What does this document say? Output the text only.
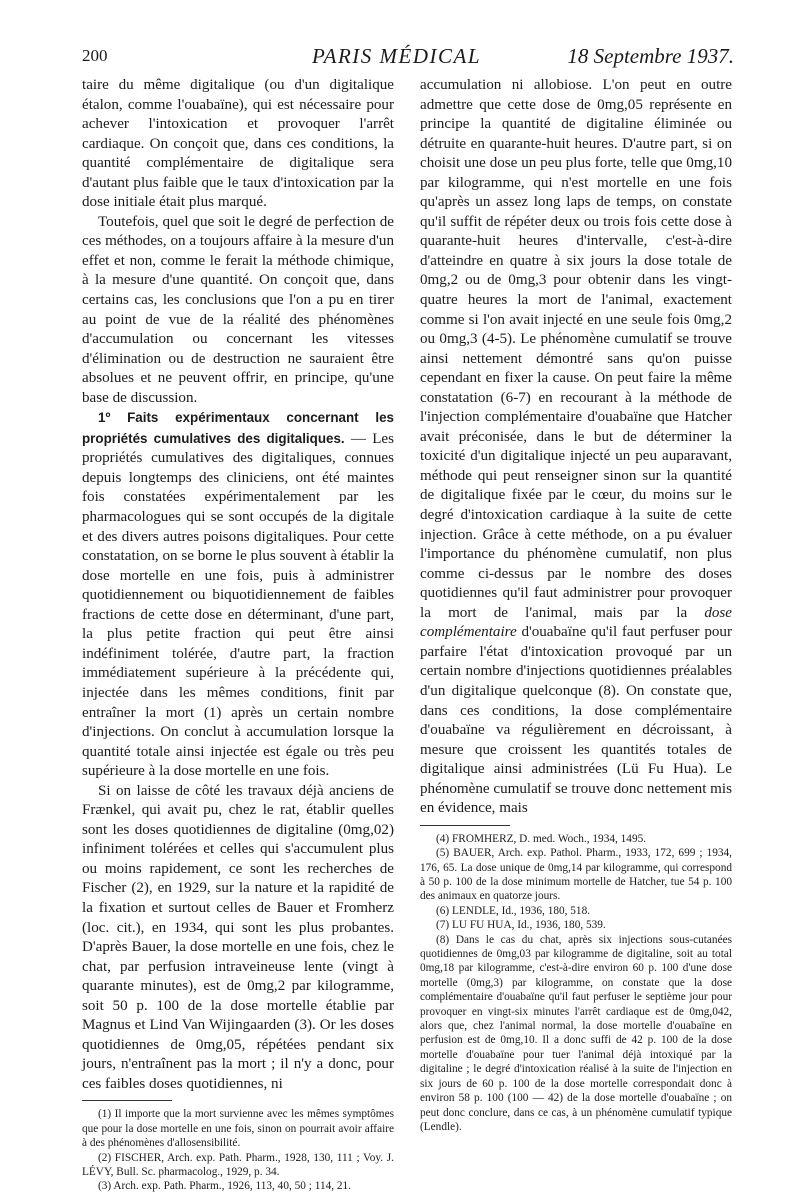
200	PARIS MÉDICAL	18 Septembre 1937.

taire du même digitalique (ou d'un digitalique étalon, comme l'ouabaïne), qui est nécessaire pour achever l'intoxication et provoquer l'arrêt cardiaque. On conçoit que, dans ces conditions, la quantité complémentaire de digitalique sera d'autant plus faible que le taux d'intoxication par la dose initiale était plus marqué.

Toutefois, quel que soit le degré de perfection de ces méthodes, on a toujours affaire à la mesure d'un effet et non, comme le ferait la méthode chimique, à la mesure d'une quantité. On conçoit que, dans certains cas, les conclusions que l'on a pu en tirer au point de vue de la réalité des phénomènes d'accumulation ou concernant les vitesses d'élimination ou de destruction ne sauraient être absolues et ne peuvent offrir, en principe, qu'une base de discussion.

1º Faits expérimentaux concernant les propriétés cumulatives des digitaliques. — Les propriétés cumulatives des digitaliques, connues depuis longtemps des cliniciens, ont été maintes fois constatées expérimentalement par les pharmacologues qui se sont occupés de la digitale et des divers autres poisons digitaliques. Pour cette constatation, on se borne le plus souvent à établir la dose mortelle en une fois, puis à administrer quotidiennement ou biquotidiennement de faibles fractions de cette dose en déterminant, d'une part, la plus petite fraction qui peut être ainsi indéfiniment tolérée, d'autre part, la fraction immédiatement supérieure à la précédente qui, injectée dans les mêmes conditions, finit par entraîner la mort (1) après un certain nombre d'injections. On conclut à accumulation lorsque la quantité totale ainsi injectée est égale ou très peu supérieure à la dose mortelle en une fois.

Si on laisse de côté les travaux déjà anciens de Frænkel, qui avait pu, chez le rat, établir quelles sont les doses quotidiennes de digitaline (0mg,02) infiniment tolérées et celles qui s'accumulent plus ou moins rapidement, ce sont les recherches de Fischer (2), en 1929, sur la nature et la rapidité de la fixation et surtout celles de Bauer et Fromherz (loc. cit.), en 1934, qui sont les plus probantes. D'après Bauer, la dose mortelle en une fois, chez le chat, par perfusion intraveineuse lente (vingt à quarante minutes), est de 0mg,2 par kilogramme, soit 50 p. 100 de la dose mortelle établie par Magnus et Lind Van Wijingaarden (3). Or les doses quotidiennes de 0mg,05, répétées pendant six jours, n'entraînent pas la mort ; il n'y a donc, pour ces faibles doses quotidiennes, ni

(1) Il importe que la mort survienne avec les mêmes symptômes que pour la dose mortelle en une fois, sinon on pourrait avoir affaire à des phénomènes d'allosensibilité.

(2) FISCHER, Arch. exp. Path. Pharm., 1928, 130, 111 ; Voy. J. LÉVY, Bull. Sc. pharmacolog., 1929, p. 34.

(3) Arch. exp. Path. Pharm., 1926, 113, 40, 50 ; 114, 21.

accumulation ni allobiose. L'on peut en outre admettre que cette dose de 0mg,05 représente en principe la quantité de digitaline éliminée ou détruite en quarante-huit heures. D'autre part, si on choisit une dose un peu plus forte, telle que 0mg,10 par kilogramme, qui n'est mortelle en une fois qu'après un assez long laps de temps, on constate qu'il suffit de répéter deux ou trois fois cette dose à quarante-huit heures d'intervalle, c'est-à-dire d'atteindre en quatre à six jours la dose totale de 0mg,2 ou de 0mg,3 pour obtenir dans les vingt-quatre heures la mort de l'animal, exactement comme si l'on avait injecté en une seule fois 0mg,2 ou 0mg,3 (4-5). Le phénomène cumulatif se trouve ainsi nettement démontré sans qu'on puisse cependant en fixer la cause. On peut faire la même constatation (6-7) en recourant à la méthode de l'injection complémentaire d'ouabaïne que Hatcher avait préconisée, dans le but de déterminer la toxicité d'un digitalique injecté un peu auparavant, méthode qui peut renseigner sinon sur la quantité de digitalique fixée par le cœur, du moins sur le degré d'intoxication cardiaque à la suite de cette injection. Grâce à cette méthode, on a pu évaluer l'importance du phénomène cumulatif, non plus comme ci-dessus par le nombre des doses quotidiennes qu'il faut administrer pour provoquer la mort de l'animal, mais par la dose complémentaire d'ouabaïne qu'il faut perfuser pour parfaire l'état d'intoxication provoqué par un certain nombre d'injections quotidiennes préalables d'un digitalique quelconque (8). On constate que, dans ces conditions, la dose complémentaire d'ouabaïne va régulièrement en décroissant, à mesure que croissent les quantités totales de digitalique ainsi administrées (Lü Fu Hua). Le phénomène cumulatif se trouve donc nettement mis en évidence, mais

(4) FROMHERZ, D. med. Woch., 1934, 1495.

(5) BAUER, Arch. exp. Pathol. Pharm., 1933, 172, 699 ; 1934, 176, 65. La dose unique de 0mg,14 par kilogramme, qui correspond à 50 p. 100 de la dose minimum mortelle de Hatcher, tue 54 p. 100 des animaux en quatorze jours.

(6) LENDLE, Id., 1936, 180, 518.

(7) LU FU HUA, Id., 1936, 180, 539.

(8) Dans le cas du chat, après six injections sous-cutanées quotidiennes de 0mg,03 par kilogramme de digitaline, soit au total 0mg,18 par kilogramme, c'est-à-dire environ 60 p. 100 d'une dose mortelle (0mg,3) par kilogramme, on constate que la dose complémentaire d'ouabaïne qu'il faut perfuser le septième jour pour provoquer en vingt-six minutes l'arrêt cardiaque est de 0mg,042, alors que, chez l'animal normal, la dose mortelle d'ouabaïne en perfusion est de 0mg,10. Il a donc suffi de 42 p. 100 de la dose mortelle d'ouabaïne pour tuer l'animal déjà intoxiqué par la digitaline ; le degré d'intoxication réalisé à la suite de l'injection en six jours de 60 p. 100 de la dose mortelle correspondait donc à environ 58 p. 100 (100 — 42) de la dose mortelle d'ouabaïne ; on peut donc conclure, dans ce cas, à un phénomène cumulatif typique (Lendle).
